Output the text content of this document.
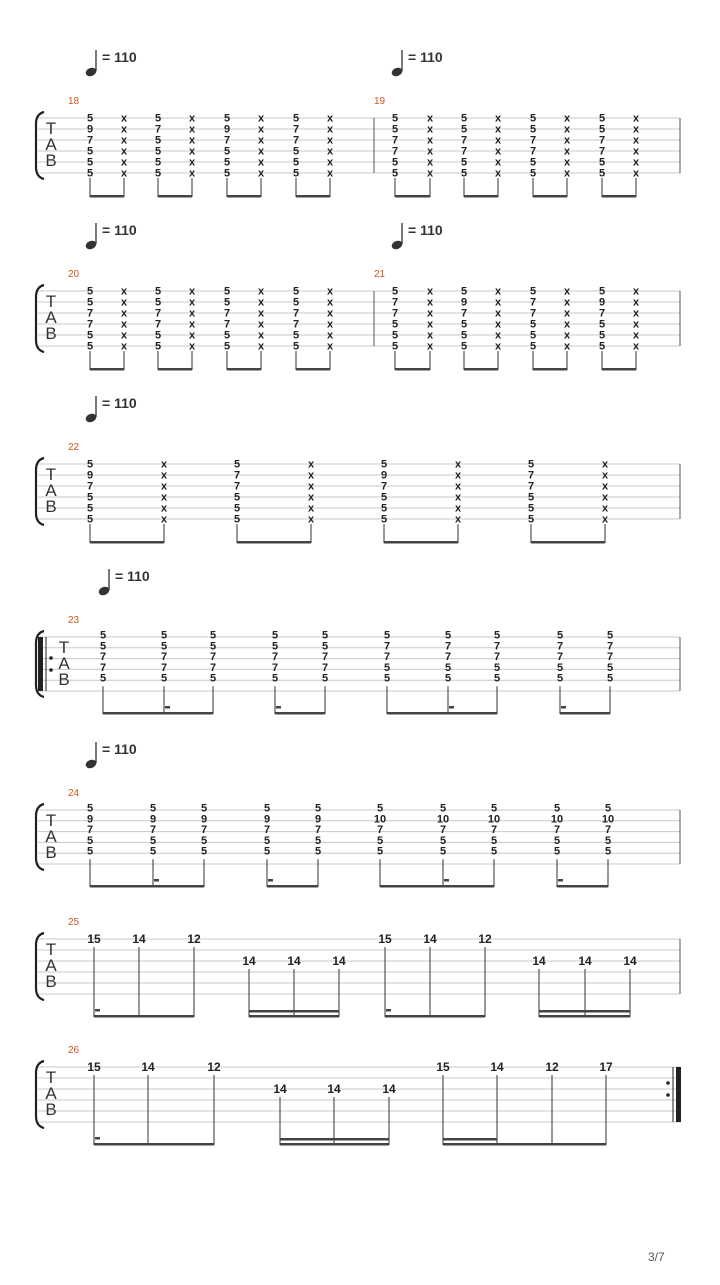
T
A
B
= 110
18
5
9
7
5
5
5
x
x
x
x
x
x
5
7
5
5
5
5
x
x
x
x
x
x
5
9
7
5
5
5
x
x
x
x
x
x
5
7
7
5
5
5
x
x
x
x
x
x
= 110
19
5
5
7
7
5
5
x
x
x
x
x
x
5
5
7
7
5
5
x
x
x
x
x
x
5
5
7
7
5
5
x
x
x
x
x
x
5
5
7
7
5
5
x
x
x
x
x
x
T
A
B
= 110
20
5
5
7
7
5
5
x
x
x
x
x
x
5
5
7
7
5
5
x
x
x
x
x
x
5
5
7
7
5
5
x
x
x
x
x
x
5
5
7
7
5
5
x
x
x
x
x
x
= 110
21
5
7
7
5
5
5
x
x
x
x
x
x
5
9
7
5
5
5
x
x
x
x
x
x
5
7
7
5
5
5
x
x
x
x
x
x
5
9
7
5
5
5
x
x
x
x
x
x
T
A
B
= 110
22
5
9
7
5
5
5
x
x
x
x
x
x
5
7
7
5
5
5
x
x
x
x
x
x
5
9
7
5
5
5
x
x
x
x
x
x
5
7
7
5
5
5
x
x
x
x
x
x
T
A
B
= 110
23
5
5
7
7
5
5
5
7
7
5
5
5
7
7
5
5
5
7
7
5
5
5
7
7
5
5
7
7
5
5
5
7
7
5
5
5
7
7
5
5
5
7
7
5
5
5
7
7
5
5
T
A
B
= 110
24
5
9
7
5
5
5
9
7
5
5
5
9
7
5
5
5
9
7
5
5
5
9
7
5
5
5
10
7
5
5
5
10
7
5
5
5
10
7
5
5
5
10
7
5
5
5
10
7
5
5
T
A
B
25
15	14	12
14	14	14
15	14	12
14	14	14
T
A
B
26
15	14	12
14	14	14
15	14	12	17
3/7
